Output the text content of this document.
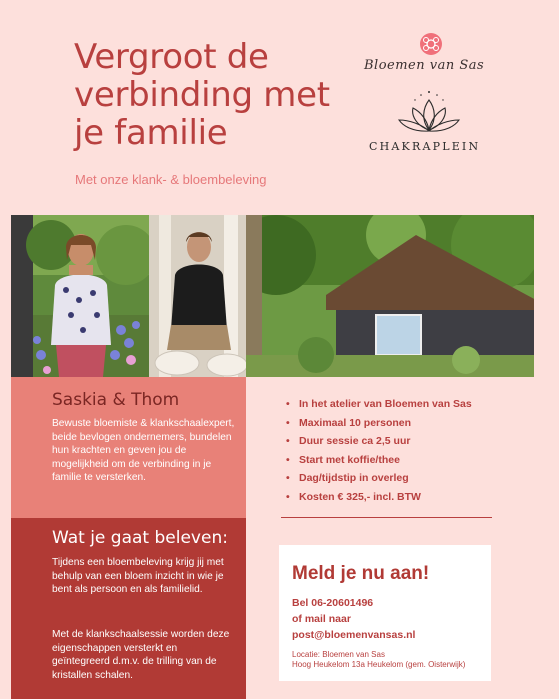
Vergroot de
verbinding met
je familie
Met onze klank- & bloembeleving
Bloemen van Sas
CHAKRAPLEIN
Saskia & Thom

Bewuste bloemiste & klankschaalexpert, beide bevlogen ondernemers, bundelen hun krachten en geven jou de mogelijkheid om de verbinding in je familie te versterken.

Wat je gaat beleven:

Tijdens een bloembeleving krijg jij met behulp van een bloem inzicht in wie je bent als persoon en als familielid.

Met de klankschaalsessie worden deze eigenschappen versterkt en geïntegreerd d.m.v. de trilling van de kristallen schalen.

• In het atelier van Bloemen van Sas
• Maximaal 10 personen
• Duur sessie ca 2,5 uur
• Start met koffie/thee
• Dag/tijdstip in overleg
• Kosten € 325,- incl. BTW
Meld je nu aan!
Bel 06-20601496
of mail naar
post@bloemenvansas.nl
Locatie: Bloemen van Sas
Hoog Heukelom 13a Heukelom (gem. Oisterwijk)
